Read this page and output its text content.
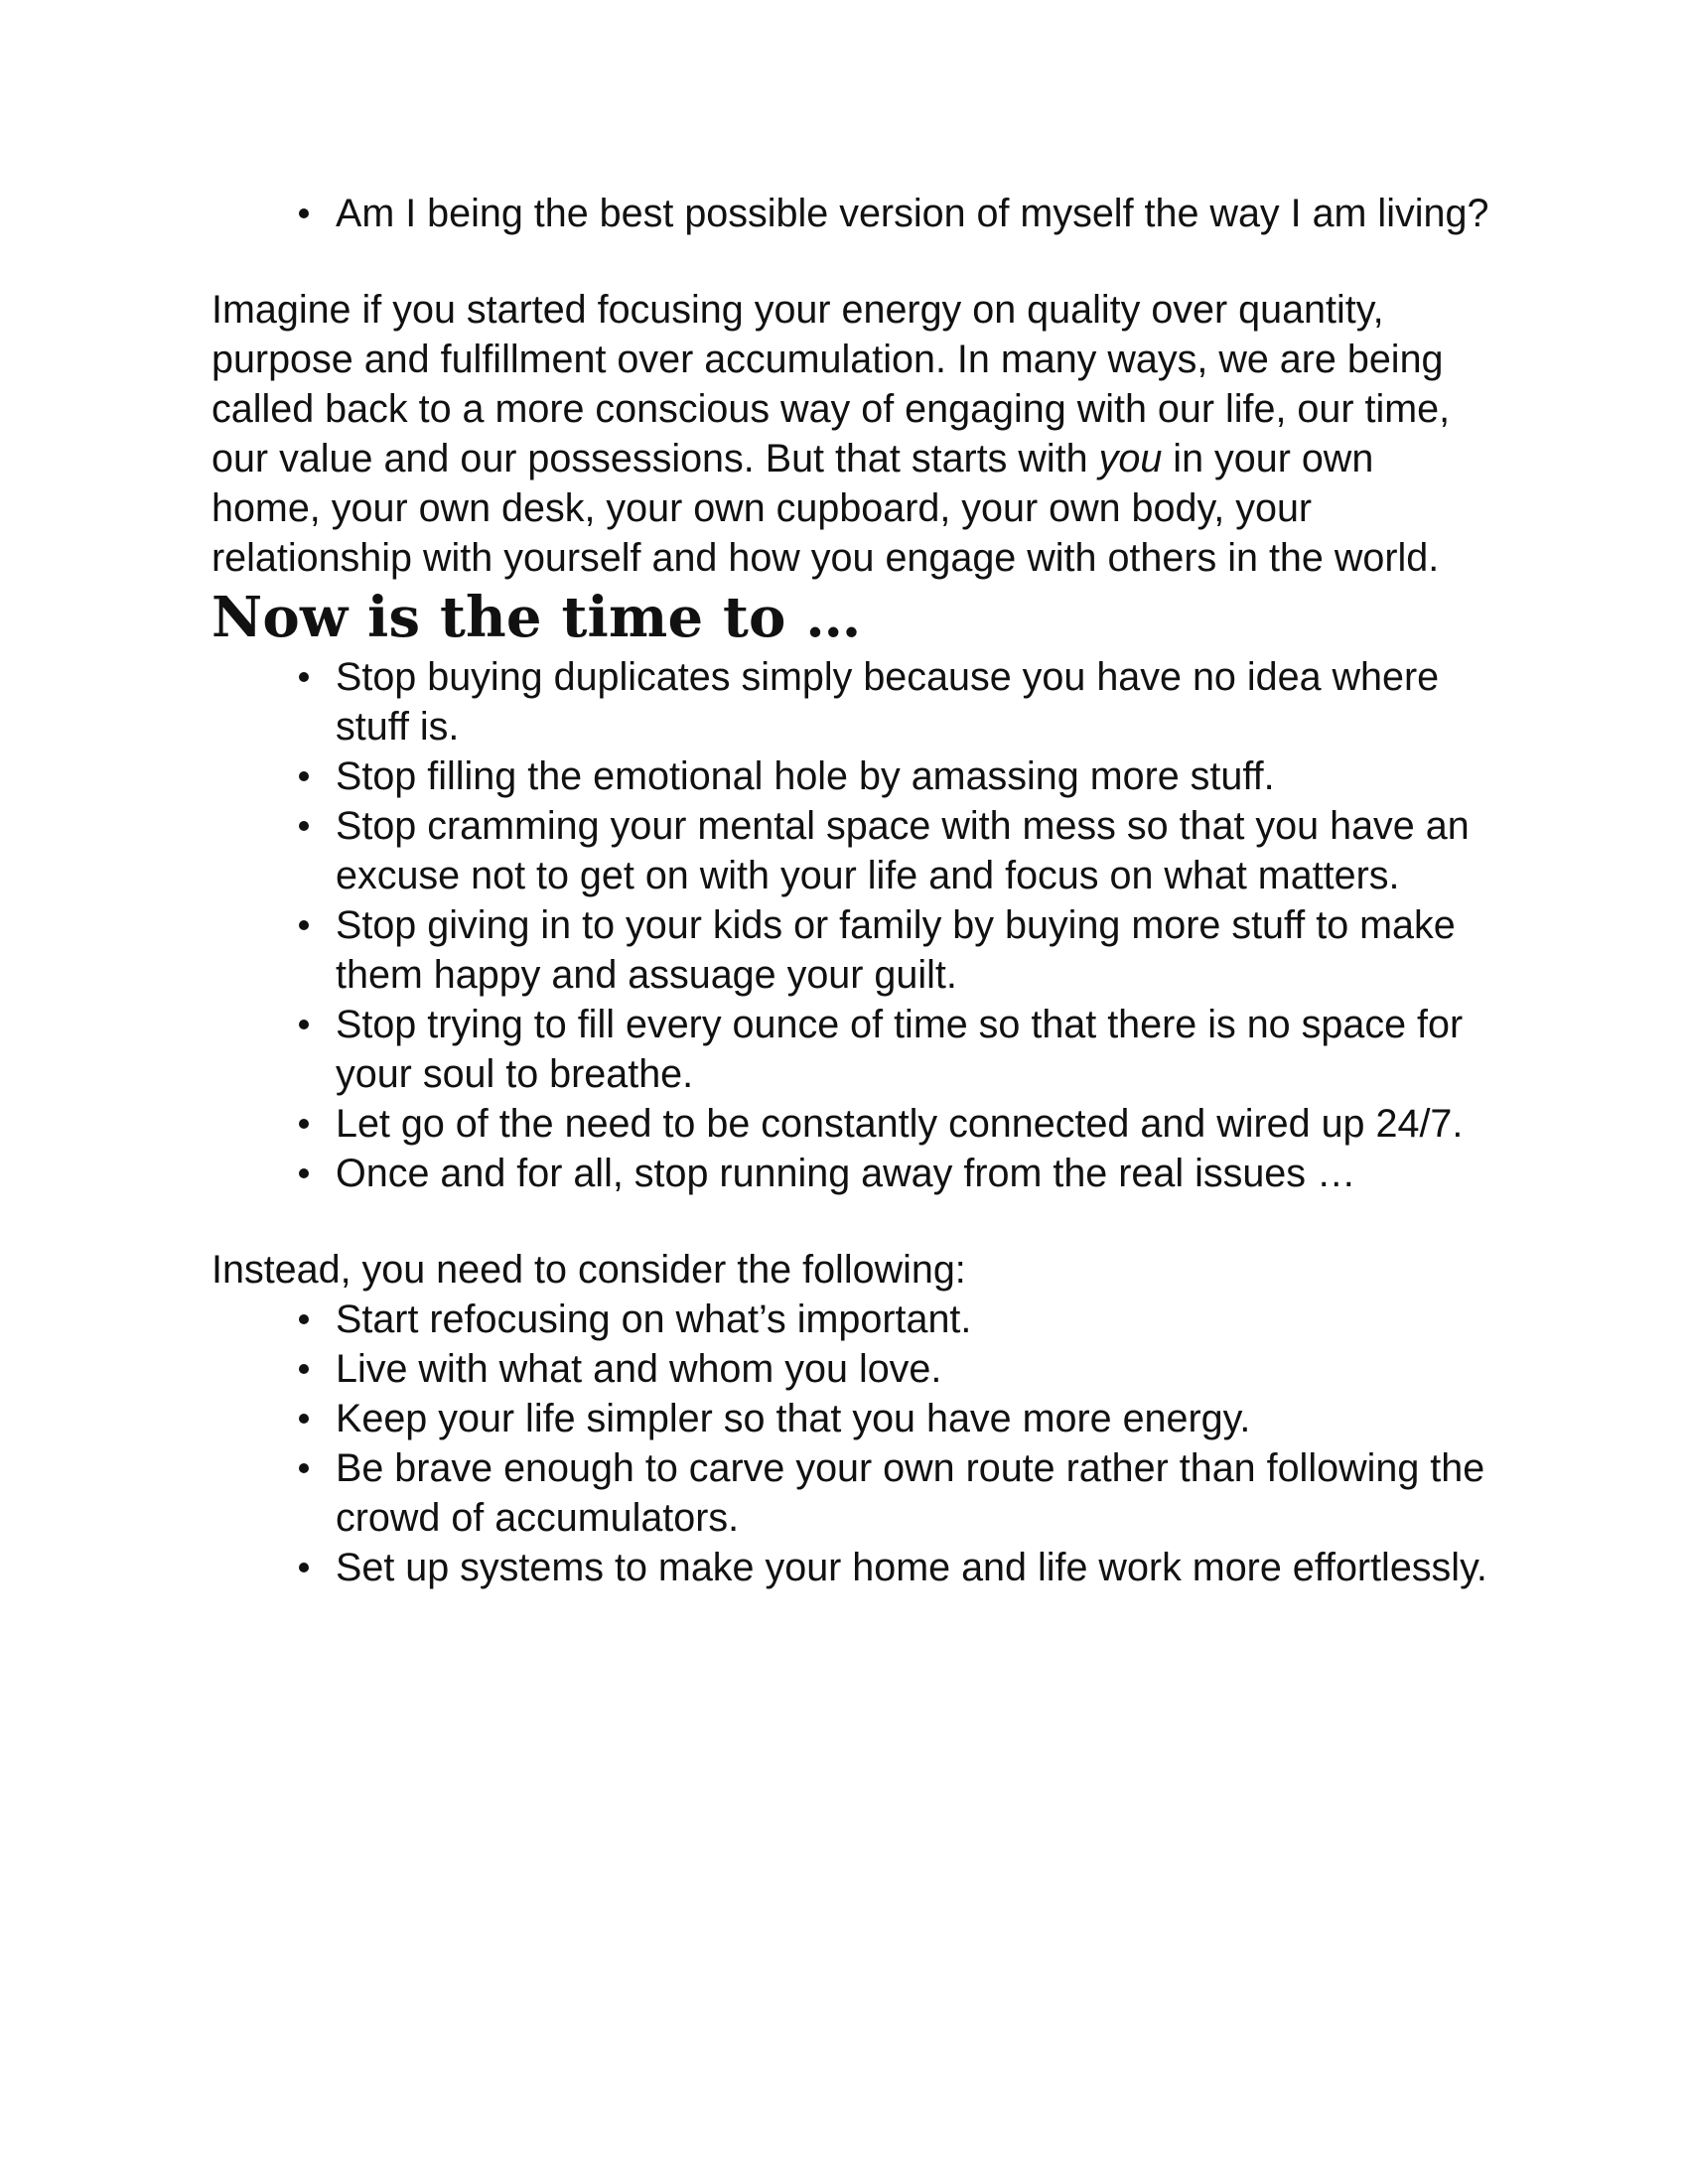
Am I being the best possible version of myself the way I am living?

Imagine if you started focusing your energy on quality over quantity, purpose and fulfillment over accumulation. In many ways, we are being called back to a more conscious way of engaging with our life, our time, our value and our possessions. But that starts with you in your own home, your own desk, your own cupboard, your own body, your relationship with yourself and how you engage with others in the world.

Now is the time to …
Stop buying duplicates simply because you have no idea where stuff is.
Stop filling the emotional hole by amassing more stuff.
Stop cramming your mental space with mess so that you have an excuse not to get on with your life and focus on what matters.
Stop giving in to your kids or family by buying more stuff to make them happy and assuage your guilt.
Stop trying to fill every ounce of time so that there is no space for your soul to breathe.
Let go of the need to be constantly connected and wired up 24/7.
Once and for all, stop running away from the real issues …

Instead, you need to consider the following:

Start refocusing on what’s important.
Live with what and whom you love.
Keep your life simpler so that you have more energy.
Be brave enough to carve your own route rather than following the crowd of accumulators.
Set up systems to make your home and life work more effortlessly.
